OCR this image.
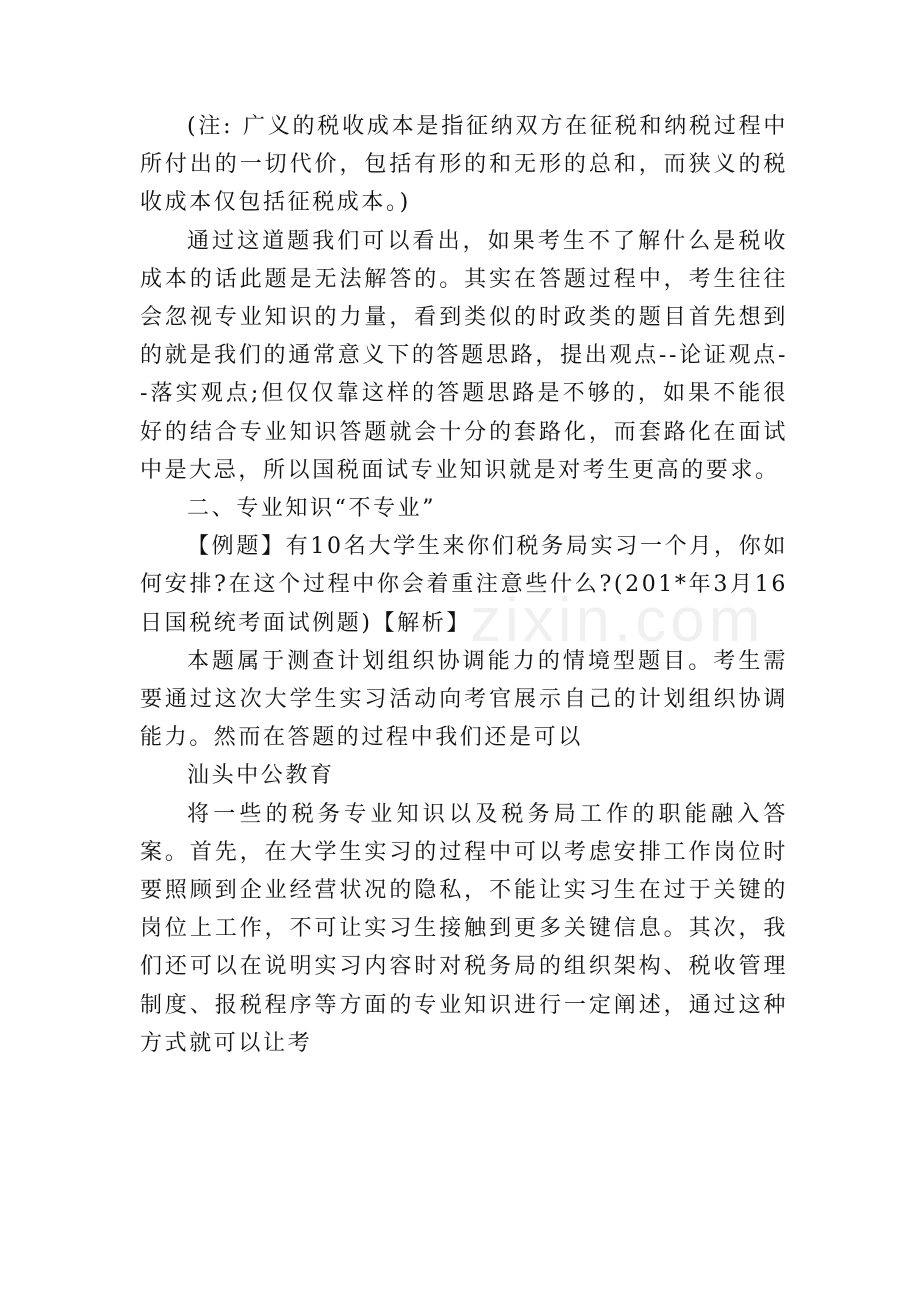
zixin.com

(注: 广义的税收成本是指征纳双方在征税和纳税过程中所付出的一切代价，包括有形的和无形的总和，而狭义的税收成本仅包括征税成本。)

通过这道题我们可以看出，如果考生不了解什么是税收成本的话此题是无法解答的。其实在答题过程中，考生往往会忽视专业知识的力量，看到类似的时政类的题目首先想到的就是我们的通常意义下的答题思路，提出观点--论证观点--落实观点;但仅仅靠这样的答题思路是不够的，如果不能很好的结合专业知识答题就会十分的套路化，而套路化在面试中是大忌，所以国税面试专业知识就是对考生更高的要求。

二、专业知识“不专业”

【例题】有10名大学生来你们税务局实习一个月，你如何安排?在这个过程中你会着重注意些什么?(201*年3月16日国税统考面试例题)【解析】

本题属于测查计划组织协调能力的情境型题目。考生需要通过这次大学生实习活动向考官展示自己的计划组织协调能力。然而在答题的过程中我们还是可以

汕头中公教育

将一些的税务专业知识以及税务局工作的职能融入答案。首先，在大学生实习的过程中可以考虑安排工作岗位时要照顾到企业经营状况的隐私，不能让实习生在过于关键的岗位上工作，不可让实习生接触到更多关键信息。其次，我们还可以在说明实习内容时对税务局的组织架构、税收管理制度、报税程序等方面的专业知识进行一定阐述，通过这种方式就可以让考
